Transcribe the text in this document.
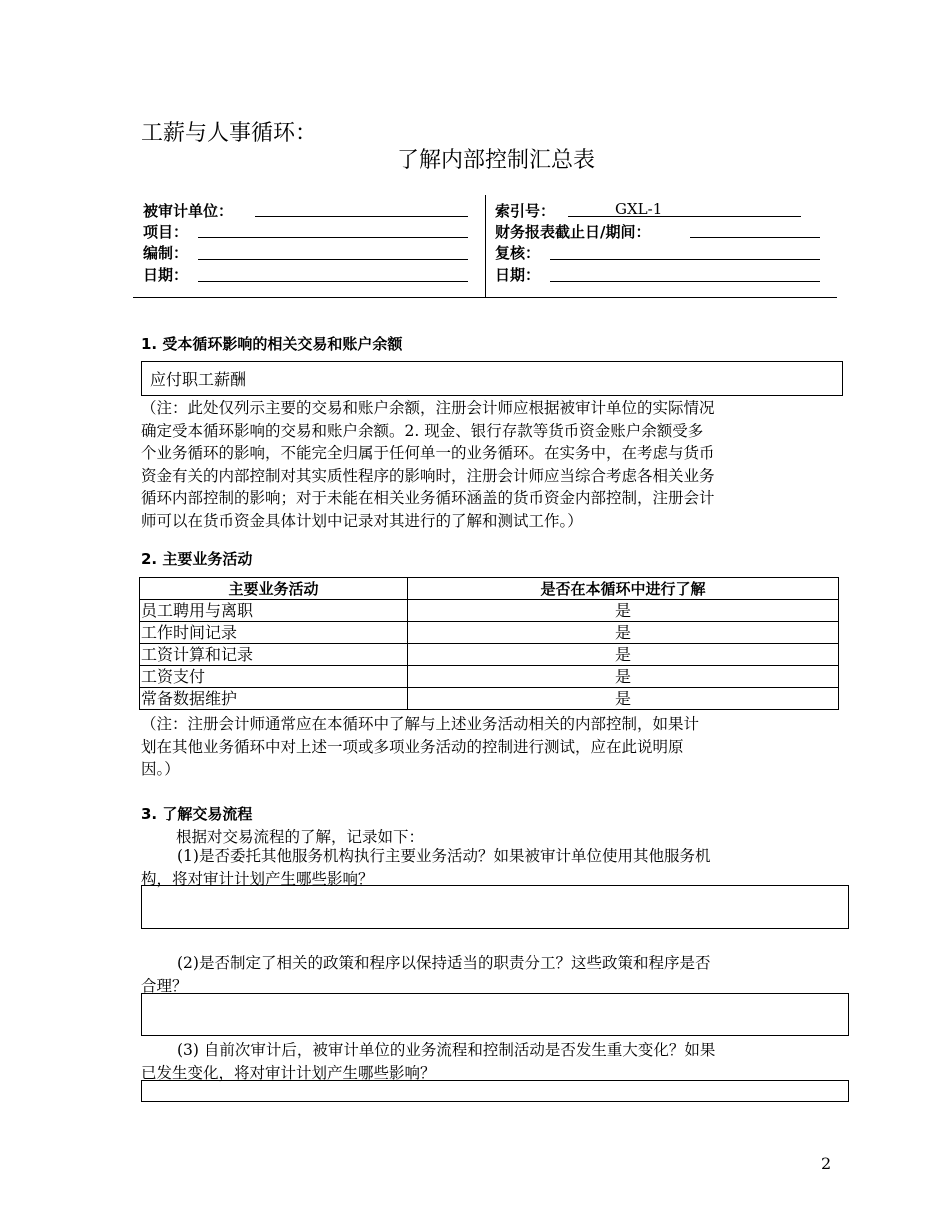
工薪与人事循环：
了解内部控制汇总表
被审计单位：
项目：
编制：
日期：
索引号：	GXL-1
财务报表截止日/期间：
复核：
日期：
1. 受本循环影响的相关交易和账户余额
应付职工薪酬
（注：此处仅列示主要的交易和账户余额，注册会计师应根据被审计单位的实际情况
确定受本循环影响的交易和账户余额。2. 现金、银行存款等货币资金账户余额受多
个业务循环的影响，不能完全归属于任何单一的业务循环。在实务中，在考虑与货币
资金有关的内部控制对其实质性程序的影响时，注册会计师应当综合考虑各相关业务
循环内部控制的影响；对于未能在相关业务循环涵盖的货币资金内部控制，注册会计
师可以在货币资金具体计划中记录对其进行的了解和测试工作。）
2. 主要业务活动
主要业务活动	是否在本循环中进行了解
员工聘用与离职	是
工作时间记录	是
工资计算和记录	是
工资支付	是
常备数据维护	是
（注：注册会计师通常应在本循环中了解与上述业务活动相关的内部控制，如果计
划在其他业务循环中对上述一项或多项业务活动的控制进行测试，应在此说明原
因。）
3. 了解交易流程
根据对交易流程的了解，记录如下：
(1)是否委托其他服务机构执行主要业务活动？如果被审计单位使用其他服务机
构，将对审计计划产生哪些影响？
(2)是否制定了相关的政策和程序以保持适当的职责分工？这些政策和程序是否
合理？
(3) 自前次审计后，被审计单位的业务流程和控制活动是否发生重大变化？如果
已发生变化，将对审计计划产生哪些影响？
2
